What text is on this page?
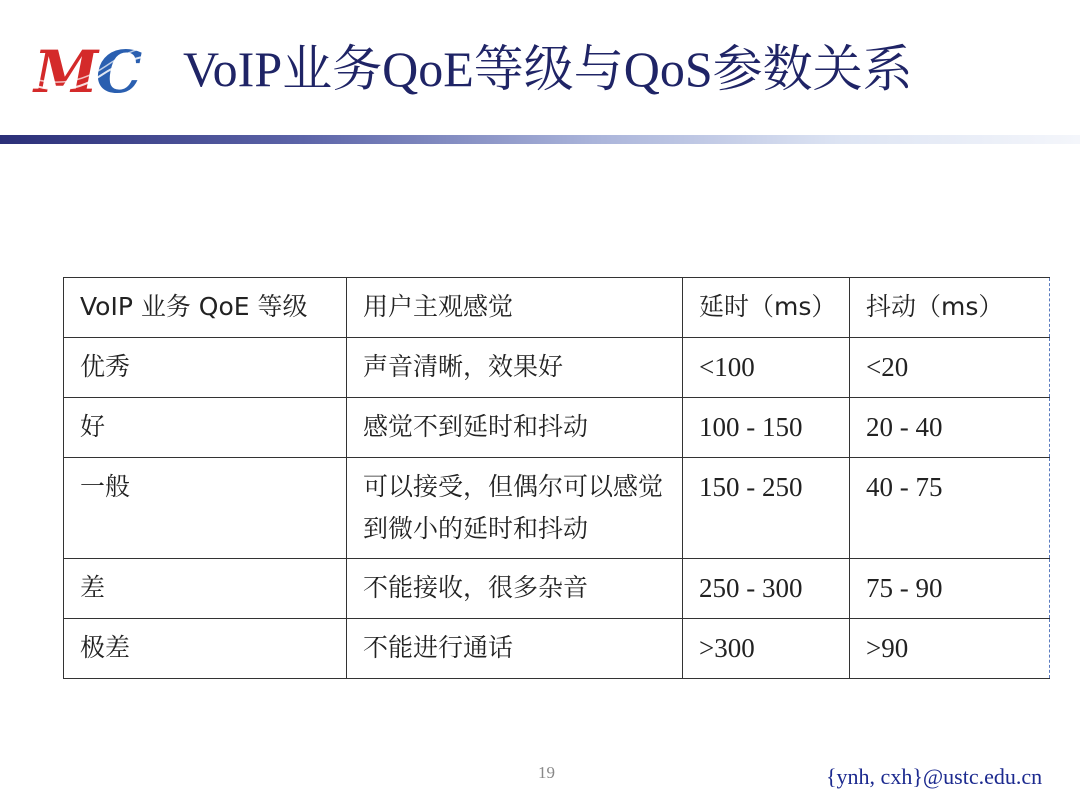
M
C VoIP业务QoE等级与QoS参数关系
VoIP 业务 QoE 等级	用户主观感觉	延时（ms）	抖动（ms）
优秀	声音清晰，效果好	<100	<20
好	感觉不到延时和抖动	100 - 150	20 - 40
一般	可以接受，但偶尔可以感觉到微小的延时和抖动	150 - 250	40 - 75
差	不能接收，很多杂音	250 - 300	75 - 90
极差	不能进行通话	>300	>90
19	{ynh, cxh}@ustc.edu.cn
